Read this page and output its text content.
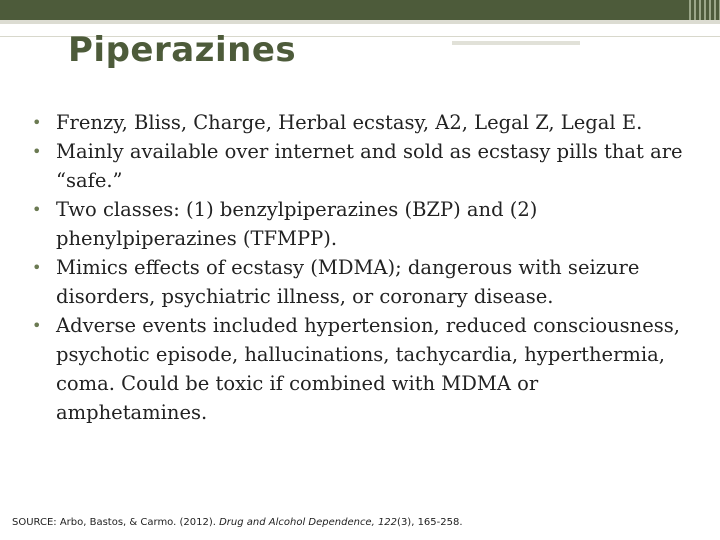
Piperazines
• Frenzy, Bliss, Charge, Herbal ecstasy, A2, Legal Z, Legal E.
• Mainly available over internet and sold as ecstasy pills that are “safe.”
• Two classes: (1) benzylpiperazines (BZP) and (2) phenylpiperazines (TFMPP).
• Mimics effects of ecstasy (MDMA); dangerous with seizure disorders, psychiatric illness, or coronary disease.
• Adverse events included hypertension, reduced consciousness, psychotic episode, hallucinations, tachycardia, hyperthermia, coma. Could be toxic if combined with MDMA or amphetamines.
SOURCE: Arbo, Bastos, & Carmo. (2012). Drug and Alcohol Dependence, 122(3), 165-258.
